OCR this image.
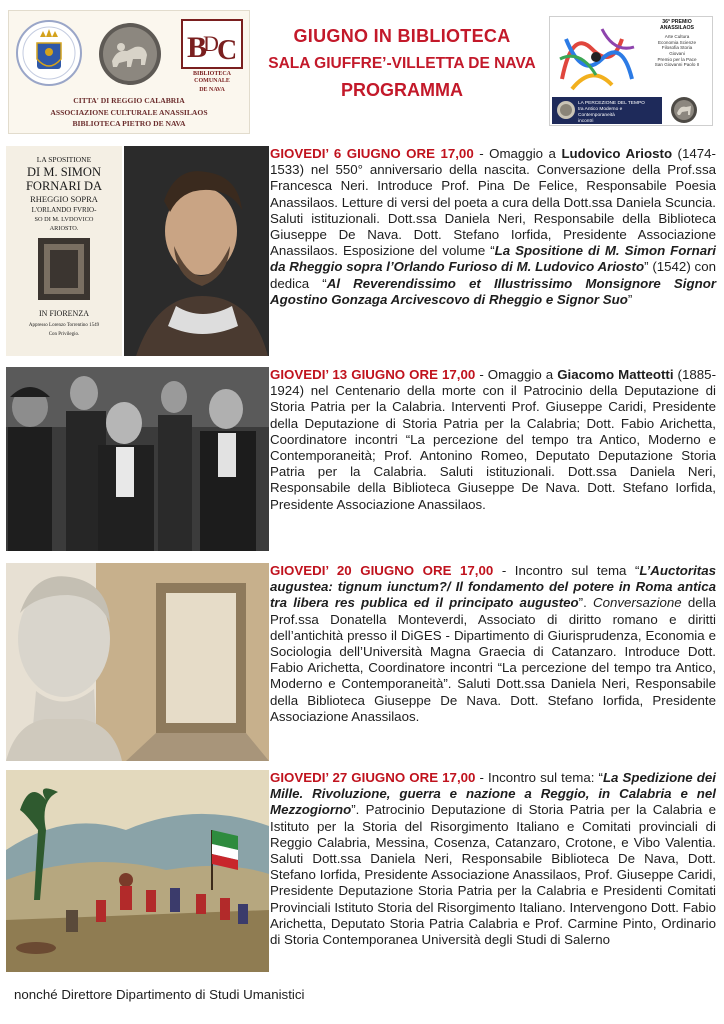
B
D
C
BIBLIOTECA COMUNALE
DE NAVA
CITTA' DI REGGIO CALABRIA
ASSOCIAZIONE CULTURALE ANASSILAOS
BIBLIOTECA PIETRO DE NAVA
GIUGNO IN BIBLIOTECA
SALA GIUFFRE’-VILLETTA DE NAVA
PROGRAMMA
36ª PREMIO
ANASSILAOS
Arte Cultura
Economia Scienze
Filosofia Storia
Giovani
Premio per la Pace
San Giovanni Paolo II
LA PERCEZIONE DEL TEMPO
tra Antico Moderno e Contemporaneità
incontri
LA SPOSITIONE
DI M. SIMON
FORNARI DA
RHEGGIO SOPRA
L'ORLANDO FVRIO-
SO DI M. LVDOVICO
ARIOSTO.
IN FIORENZA
Appresso Lorenzo Torrentino 1549
Con Privilegio.
GIOVEDI’ 6 GIUGNO ORE 17,00 - Omaggio a Ludovico Ariosto (1474-1533) nel 550° anniversario della nascita. Conversazione della Prof.ssa Francesca Neri. Introduce Prof. Pina De Felice, Responsabile Poesia Anassilaos. Letture di versi del poeta a cura della Dott.ssa Daniela Scuncia. Saluti istituzionali. Dott.ssa Daniela Neri, Responsabile della Biblioteca Giuseppe De Nava. Dott. Stefano Iorfida, Presidente Associazione Anassilaos. Esposizione del volume “La Spositione di M. Simon Fornari da Rheggio sopra l’Orlando Furioso di M. Ludovico Ariosto” (1542) con dedica “Al Reverendissimo et Illustrissimo Monsignore Signor Agostino Gonzaga Arcivescovo di Rheggio e Signor Suo”
GIOVEDI’ 13 GIUGNO ORE 17,00 - Omaggio a Giacomo Matteotti (1885-1924) nel Centenario della morte con il Patrocinio della Deputazione di Storia Patria per la Calabria. Interventi Prof. Giuseppe Caridi, Presidente della Deputazione di Storia Patria per la Calabria; Dott. Fabio Arichetta, Coordinatore incontri “La percezione del tempo tra Antico, Moderno e Contemporaneità; Prof. Antonino Romeo, Deputato Deputazione Storia Patria per la Calabria. Saluti istituzionali. Dott.ssa Daniela Neri, Responsabile della Biblioteca Giuseppe De Nava. Dott. Stefano Iorfida, Presidente Associazione Anassilaos.
GIOVEDI’ 20 GIUGNO ORE 17,00 - Incontro sul tema “L’Auctoritas augustea: tignum iunctum?/ Il fondamento del potere in Roma antica tra libera res publica ed il principato augusteo”. Conversazione della Prof.ssa Donatella Monteverdi, Associato di diritto romano e diritti dell’antichità presso il DiGES - Dipartimento di Giurisprudenza, Economia e Sociologia dell’Università Magna Graecia di Catanzaro. Introduce Dott. Fabio Arichetta, Coordinatore incontri “La percezione del tempo tra Antico, Moderno e Contemporaneità”. Saluti Dott.ssa Daniela Neri, Responsabile della Biblioteca Giuseppe De Nava. Dott. Stefano Iorfida, Presidente Associazione Anassilaos.
GIOVEDI’ 27 GIUGNO ORE 17,00 - Incontro sul tema: “La Spedizione dei Mille. Rivoluzione, guerra e nazione a Reggio, in Calabria e nel Mezzogiorno”. Patrocinio Deputazione di Storia Patria per la Calabria e Istituto per la Storia del Risorgimento Italiano e Comitati provinciali di Reggio Calabria, Messina, Cosenza, Catanzaro, Crotone, e Vibo Valentia. Saluti Dott.ssa Daniela Neri, Responsabile Biblioteca De Nava, Dott. Stefano Iorfida, Presidente Associazione Anassilaos, Prof. Giuseppe Caridi, Presidente Deputazione Storia Patria per la Calabria e Presidenti Comitati Provinciali Istituto Storia del Risorgimento Italiano. Intervengono Dott. Fabio Arichetta, Deputato Storia Patria Calabria e Prof. Carmine Pinto, Ordinario di Storia Contemporanea Università degli Studi di Salerno
nonché Direttore Dipartimento di Studi Umanistici
